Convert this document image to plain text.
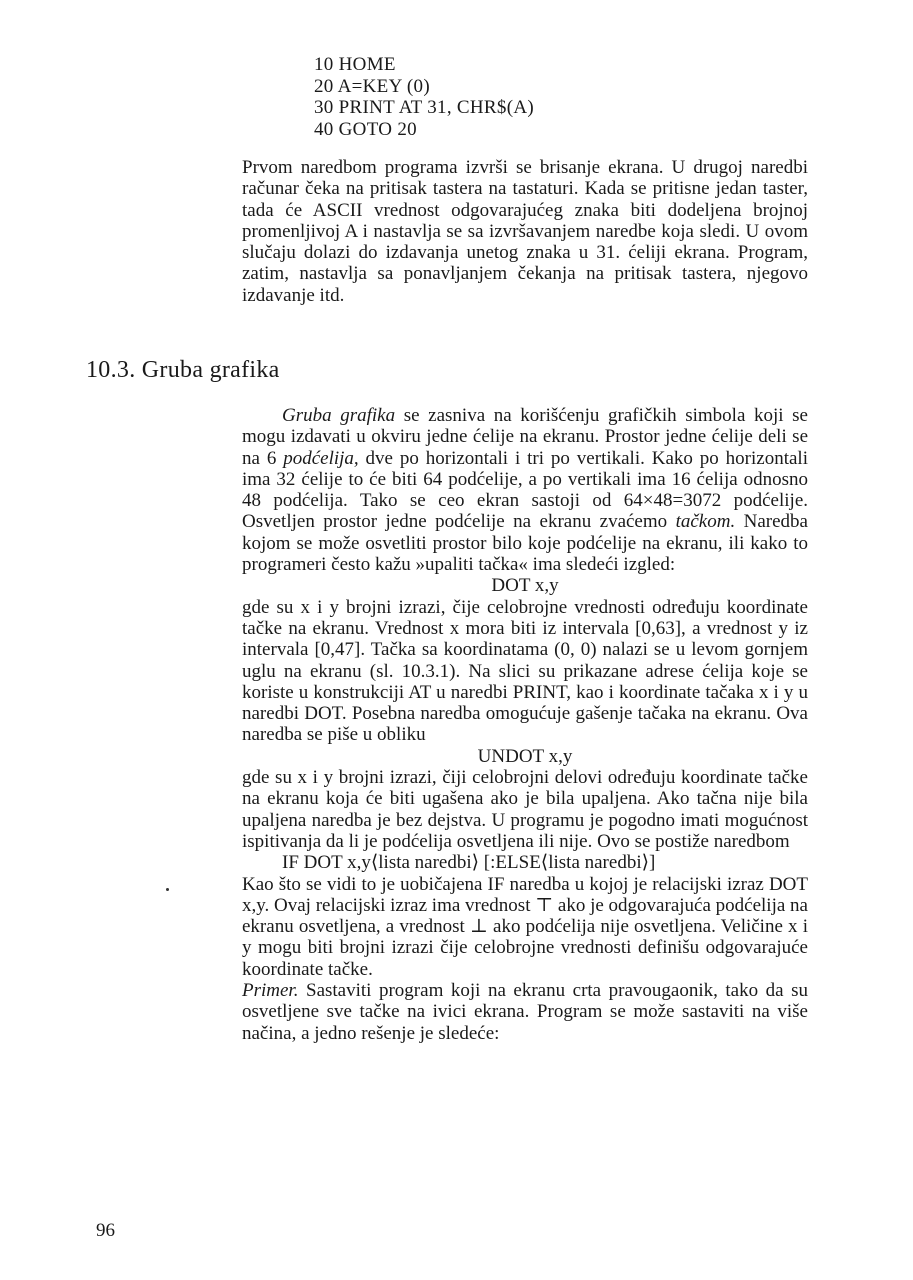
10 HOME
20 A=KEY (0)
30 PRINT AT 31, CHR$(A)
40 GOTO 20

Prvom naredbom programa izvrši se brisanje ekrana. U drugoj naredbi računar čeka na pritisak tastera na tastaturi. Kada se pritisne jedan taster, tada će ASCII vrednost odgovarajućeg znaka biti dodeljena brojnoj promenljivoj A i nastavlja se sa izvršavanjem naredbe koja sledi. U ovom slučaju dolazi do izdavanja unetog znaka u 31. ćeliji ekrana. Program, zatim, nastavlja sa ponavljanjem čekanja na pritisak tastera, njegovo izdavanje itd.

10.3. Gruba grafika

Gruba grafika se zasniva na korišćenju grafičkih simbola koji se mogu izdavati u okviru jedne ćelije na ekranu. Prostor jedne ćelije deli se na 6 podćelija, dve po horizontali i tri po vertikali. Kako po horizontali ima 32 ćelije to će biti 64 podćelije, a po vertikali ima 16 ćelija odnosno 48 podćelija. Tako se ceo ekran sastoji od 64×48=3072 podćelije. Osvetljen prostor jedne podćelije na ekranu zvaćemo tačkom. Naredba kojom se može osvetliti prostor bilo koje podćelije na ekranu, ili kako to programeri često kažu »upaliti tačka« ima sledeći izgled:

DOT x,y

gde su x i y brojni izrazi, čije celobrojne vrednosti određuju koordinate tačke na ekranu. Vrednost x mora biti iz intervala [0,63], a vrednost y iz intervala [0,47]. Tačka sa koordinatama (0, 0) nalazi se u levom gornjem uglu na ekranu (sl. 10.3.1). Na slici su prikazane adrese ćelija koje se koriste u konstrukciji AT u naredbi PRINT, kao i koordinate tačaka x i y u naredbi DOT. Posebna naredba omogućuje gašenje tačaka na ekranu. Ova naredba se piše u obliku

UNDOT x,y

gde su x i y brojni izrazi, čiji celobrojni delovi određuju koordinate tačke na ekranu koja će biti ugašena ako je bila upaljena. Ako tačna nije bila upaljena naredba je bez dejstva. U programu je pogodno imati mogućnost ispitivanja da li je podćelija osvetljena ili nije. Ovo se postiže naredbom

IF DOT x,y⟨lista naredbi⟩ [:ELSE⟨lista naredbi⟩]

Kao što se vidi to je uobičajena IF naredba u kojoj je relacijski izraz DOT x,y. Ovaj relacijski izraz ima vrednost ⊤ ako je odgovarajuća podćelija na ekranu osvetljena, a vrednost ⊥ ako podćelija nije osvetljena. Veličine x i y mogu biti brojni izrazi čije celobrojne vrednosti definišu odgovarajuće koordinate tačke.

Primer. Sastaviti program koji na ekranu crta pravougaonik, tako da su osvetljene sve tačke na ivici ekrana. Program se može sastaviti na više načina, a jedno rešenje je sledeće:

96
